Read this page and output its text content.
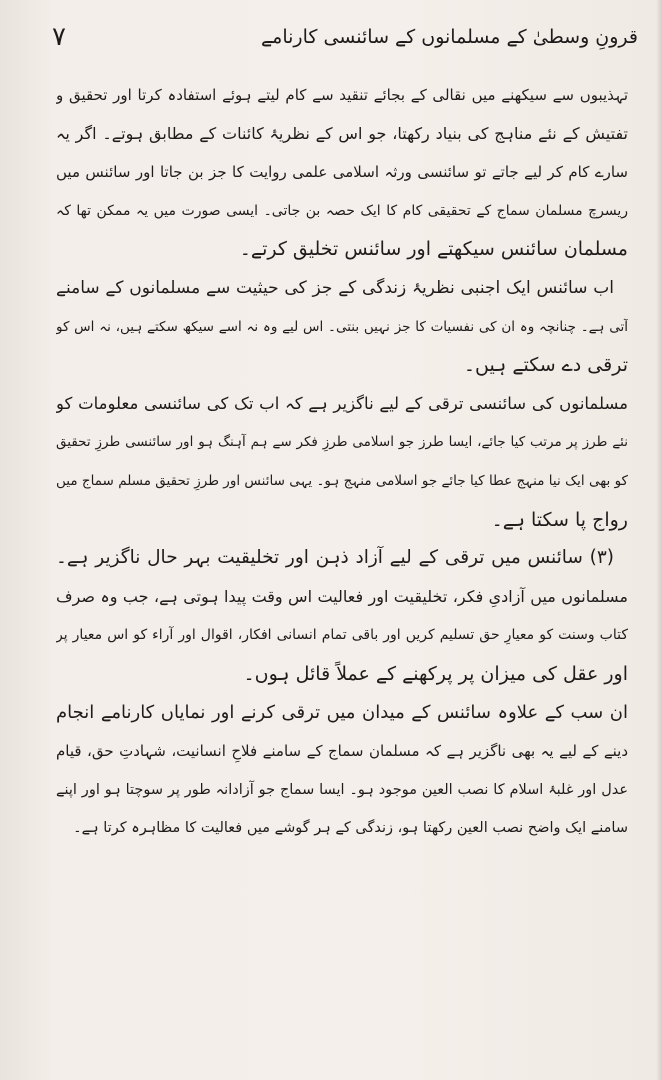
٧	قرونِ وسطیٰ کے مسلمانوں کے سائنسی کارنامے
تہذیبوں سے سیکھنے میں نقالی کے بجائے تنقید سے کام لیتے ہوئے استفادہ کرتا اور تحقیق و
تفتیش کے نئے مناہج کی بنیاد رکھتا، جو اس کے نظریۂ کائنات کے مطابق ہوتے۔ اگر یہ
سارے کام کر لیے جاتے تو سائنسی ورثہ اسلامی علمی روایت کا جز بن جاتا اور سائنس میں
ریسرچ مسلمان سماج کے تحقیقی کام کا ایک حصہ بن جاتی۔ ایسی صورت میں یہ ممکن تھا کہ
مسلمان سائنس سیکھتے اور سائنس تخلیق کرتے۔
اب سائنس ایک اجنبی نظریۂ زندگی کے جز کی حیثیت سے مسلمانوں کے سامنے
آتی ہے۔ چنانچہ وہ ان کی نفسیات کا جز نہیں بنتی۔ اس لیے وہ نہ اسے سیکھ سکتے ہیں، نہ اس کو
ترقی دے سکتے ہیں۔
مسلمانوں کی سائنسی ترقی کے لیے ناگزیر ہے کہ اب تک کی سائنسی معلومات کو
نئے طرز پر مرتب کیا جائے، ایسا طرز جو اسلامی طرزِ فکر سے ہم آہنگ ہو اور سائنسی طرزِ تحقیق
کو بھی ایک نیا منہج عطا کیا جائے جو اسلامی منہج ہو۔ یہی سائنس اور طرزِ تحقیق مسلم سماج میں
رواج پا سکتا ہے۔
(۳) سائنس میں ترقی کے لیے آزاد ذہن اور تخلیقیت بہر حال ناگزیر ہے۔
مسلمانوں میں آزادیِ فکر، تخلیقیت اور فعالیت اس وقت پیدا ہوتی ہے، جب وہ صرف
کتاب وسنت کو معیارِ حق تسلیم کریں اور باقی تمام انسانی افکار، اقوال اور آراء کو اس معیار پر
اور عقل کی میزان پر پرکھنے کے عملاً قائل ہوں۔
ان سب کے علاوہ سائنس کے میدان میں ترقی کرنے اور نمایاں کارنامے انجام
دینے کے لیے یہ بھی ناگزیر ہے کہ مسلمان سماج کے سامنے فلاحِ انسانیت، شہادتِ حق، قیام
عدل اور غلبۂ اسلام کا نصب العین موجود ہو۔ ایسا سماج جو آزادانہ طور پر سوچتا ہو اور اپنے
سامنے ایک واضح نصب العین رکھتا ہو، زندگی کے ہر گوشے میں فعالیت کا مظاہرہ کرتا ہے۔
